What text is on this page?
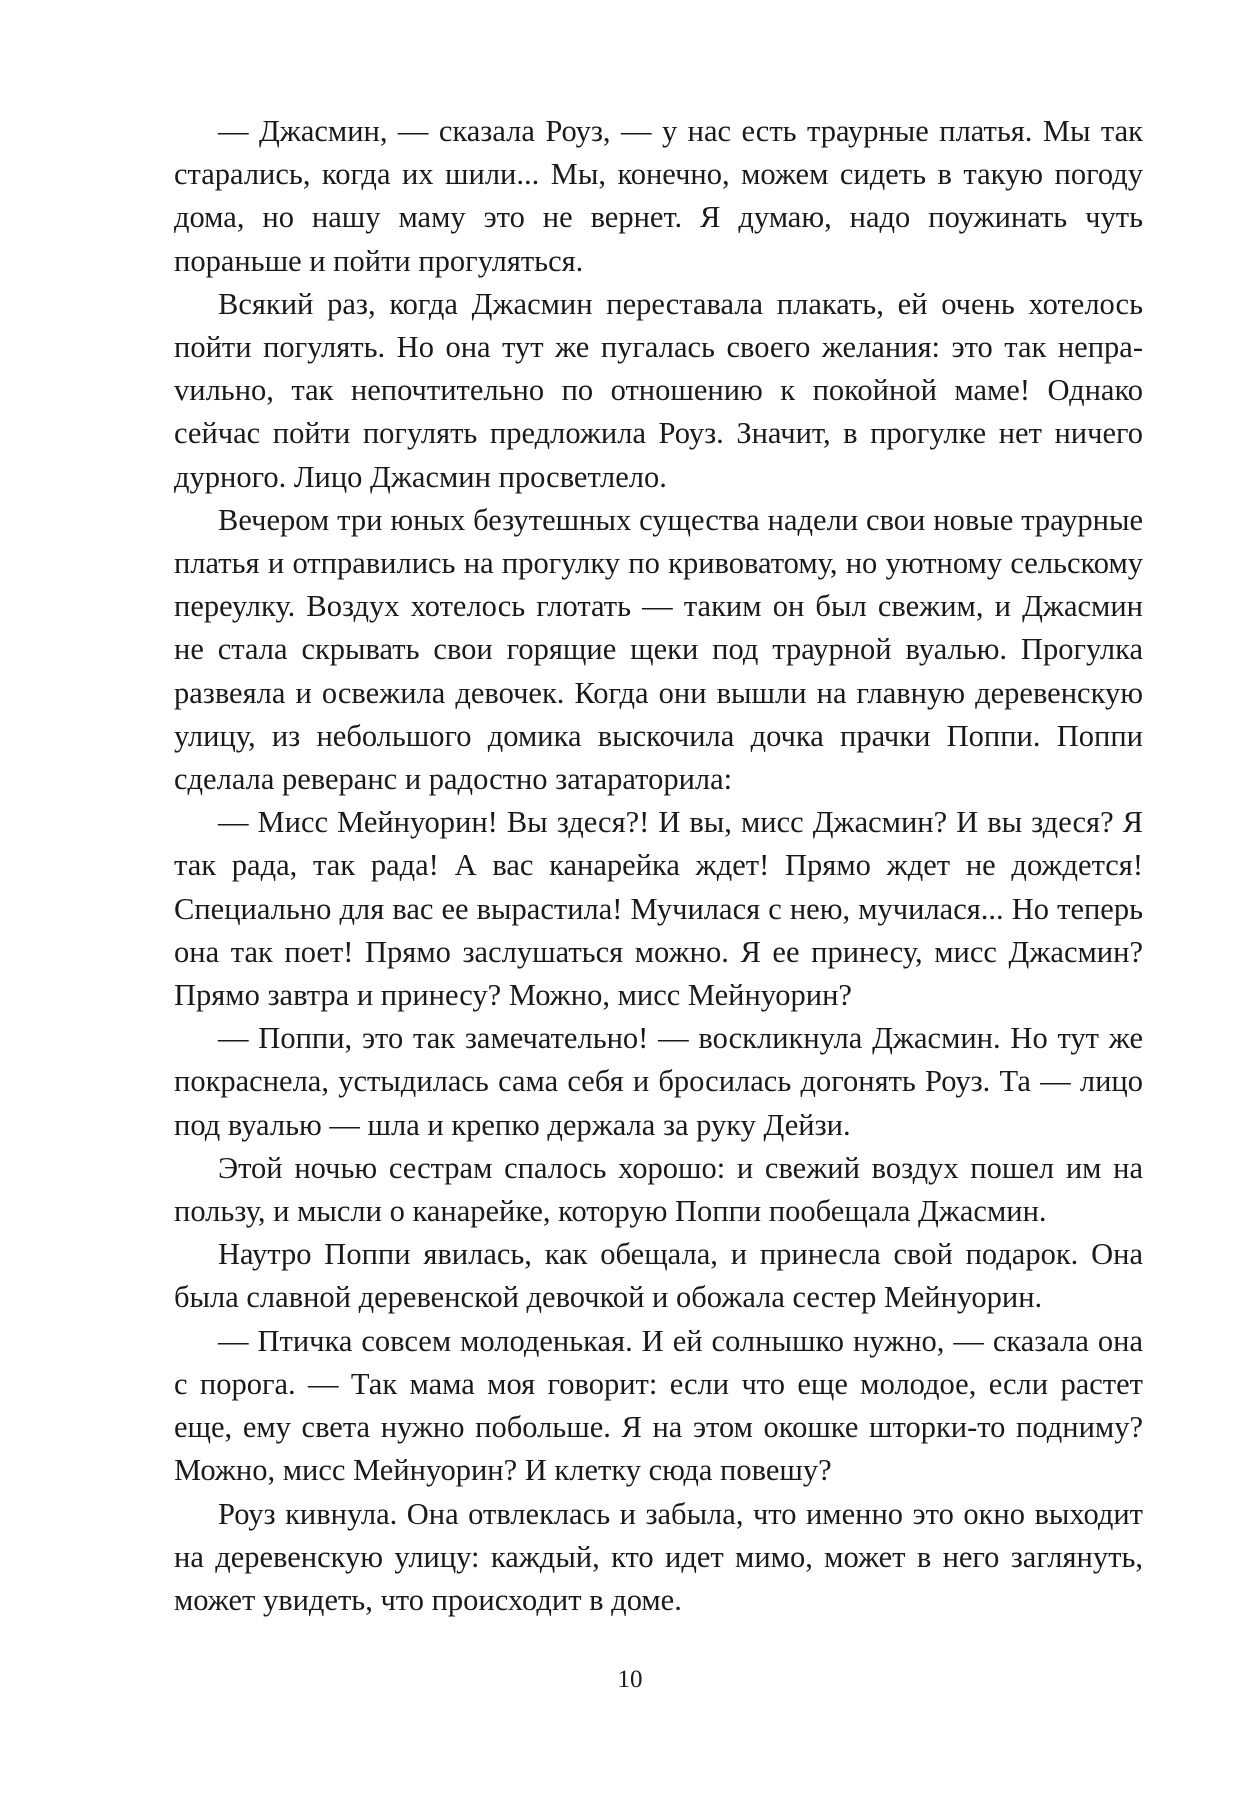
— Джасмин, — сказала Роуз, — у нас есть траурные платья. Мы так старались, когда их шили... Мы, конечно, можем сидеть в такую погоду дома, но нашу маму это не вернет. Я думаю, надо поужинать чуть пораньше и пойти прогуляться.

Всякий раз, когда Джасмин переставала плакать, ей очень хотелось пойти погулять. Но она тут же пугалась своего желания: это так непраvильно, так непочтительно по отношению к покойной маме! Однако сейчас пойти погулять предложила Роуз. Значит, в прогулке нет ничего дурного. Лицо Джасмин просветлело.

Вечером три юных безутешных существа надели свои новые траурные платья и отправились на прогулку по кривоватому, но уютному сельскому переулку. Воздух хотелось глотать — таким он был свежим, и Джасмин не стала скрывать свои горящие щеки под траурной вуалью. Прогулка развеяла и освежила девочек. Когда они вышли на главную деревенскую улицу, из небольшого домика выскочила дочка прачки Поппи. Поппи сделала реверанс и радостно затараторила:

— Мисс Мейнуорин! Вы здеся?! И вы, мисс Джасмин? И вы здеся? Я так рада, так рада! А вас канарейка ждет! Прямо ждет не дождется! Специально для вас ее вырастила! Мучилася с нею, мучилася... Но теперь она так поет! Прямо заслушаться можно. Я ее принесу, мисс Джасмин? Прямо завтра и принесу? Можно, мисс Мейнуорин?

— Поппи, это так замечательно! — воскликнула Джасмин. Но тут же покраснела, устыдилась сама себя и бросилась догонять Роуз. Та — лицо под вуалью — шла и крепко держала за руку Дейзи.

Этой ночью сестрам спалось хорошо: и свежий воздух пошел им на пользу, и мысли о канарейке, которую Поппи пообещала Джасмин.

Наутро Поппи явилась, как обещала, и принесла свой подарок. Она была славной деревенской девочкой и обожала сестер Мейнуорин.

— Птичка совсем молоденькая. И ей солнышко нужно, — сказала она с порога. — Так мама моя говорит: если что еще молодое, если растет еще, ему света нужно побольше. Я на этом окошке шторки-то подниму? Можно, мисс Мейнуорин? И клетку сюда повешу?

Роуз кивнула. Она отвлеклась и забыла, что именно это окно выходит на деревенскую улицу: каждый, кто идет мимо, может в него заглянуть, может увидеть, что происходит в доме.

10
